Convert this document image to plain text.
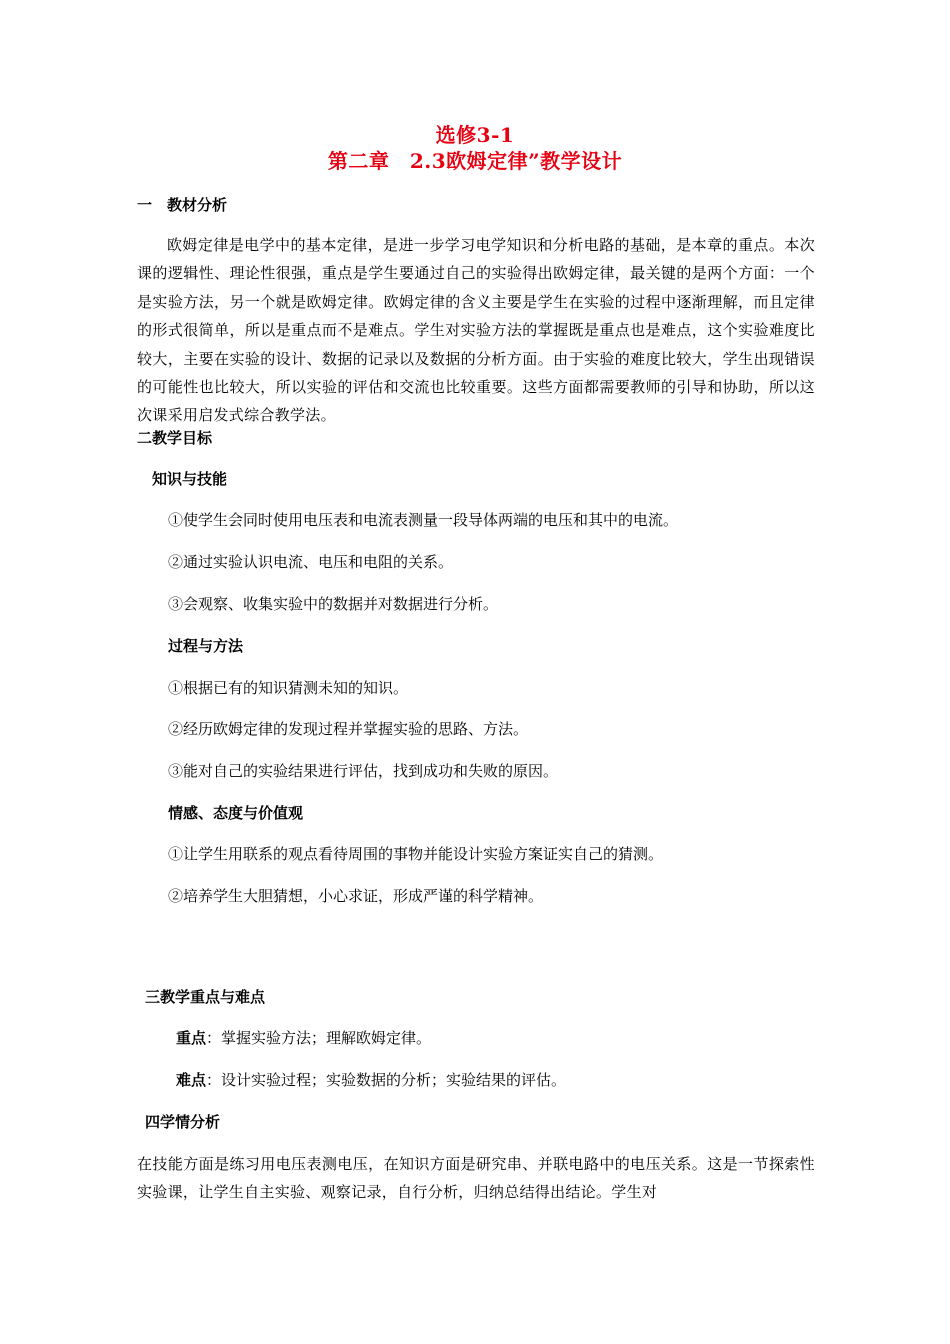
选修3-1
第二章　2.3欧姆定律”教学设计
一　教材分析
欧姆定律是电学中的基本定律，是进一步学习电学知识和分析电路的基础，是本章的重点。本次课的逻辑性、理论性很强，重点是学生要通过自己的实验得出欧姆定律，最关键的是两个方面：一个是实验方法，另一个就是欧姆定律。欧姆定律的含义主要是学生在实验的过程中逐渐理解，而且定律的形式很简单，所以是重点而不是难点。学生对实验方法的掌握既是重点也是难点，这个实验难度比较大，主要在实验的设计、数据的记录以及数据的分析方面。由于实验的难度比较大，学生出现错误的可能性也比较大，所以实验的评估和交流也比较重要。这些方面都需要教师的引导和协助，所以这次课采用启发式综合教学法。
二教学目标
知识与技能
①使学生会同时使用电压表和电流表测量一段导体两端的电压和其中的电流。
②通过实验认识电流、电压和电阻的关系。
③会观察、收集实验中的数据并对数据进行分析。
过程与方法
①根据已有的知识猜测未知的知识。
②经历欧姆定律的发现过程并掌握实验的思路、方法。
③能对自己的实验结果进行评估，找到成功和失败的原因。
情感、态度与价值观
①让学生用联系的观点看待周围的事物并能设计实验方案证实自己的猜测。
②培养学生大胆猜想，小心求证，形成严谨的科学精神。
三教学重点与难点
重点：掌握实验方法；理解欧姆定律。
难点：设计实验过程；实验数据的分析；实验结果的评估。
四学情分析
在技能方面是练习用电压表测电压，在知识方面是研究串、并联电路中的电压关系。这是一节探索性实验课，让学生自主实验、观察记录，自行分析，归纳总结得出结论。学生对
